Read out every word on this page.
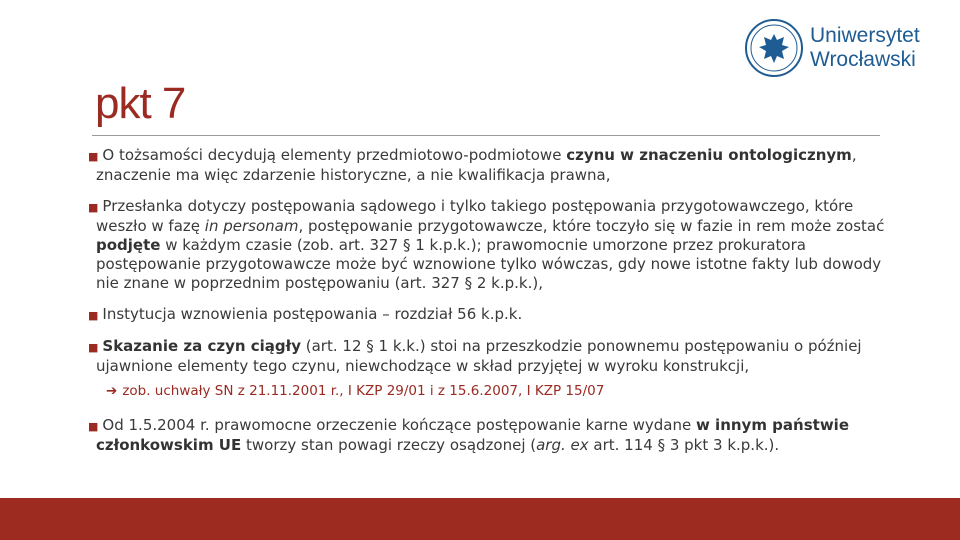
pkt 7
Uniwersytet
Wrocławski
■ O tożsamości decydują elementy przedmiotowo-podmiotowe czynu w znaczeniu ontologicznym, znaczenie ma więc zdarzenie historyczne, a nie kwalifikacja prawna,
■ Przesłanka dotyczy postępowania sądowego i tylko takiego postępowania przygotowawczego, które weszło w fazę in personam, postępowanie przygotowawcze, które toczyło się w fazie in rem może zostać podjęte w każdym czasie (zob. art. 327 § 1 k.p.k.); prawomocnie umorzone przez prokuratora postępowanie przygotowawcze może być wznowione tylko wówczas, gdy nowe istotne fakty lub dowody nie znane w poprzednim postępowaniu (art. 327 § 2 k.p.k.),
■ Instytucja wznowienia postępowania – rozdział 56 k.p.k.
■ Skazanie za czyn ciągły (art. 12 § 1 k.k.) stoi na przeszkodzie ponownemu postępowaniu o później ujawnione elementy tego czynu, niewchodzące w skład przyjętej w wyroku konstrukcji,
➔ zob. uchwały SN z 21.11.2001 r., I KZP 29/01 i z 15.6.2007, I KZP 15/07
■ Od 1.5.2004 r. prawomocne orzeczenie kończące postępowanie karne wydane w innym państwie członkowskim UE tworzy stan powagi rzeczy osądzonej (arg. ex art. 114 § 3 pkt 3 k.p.k.).
